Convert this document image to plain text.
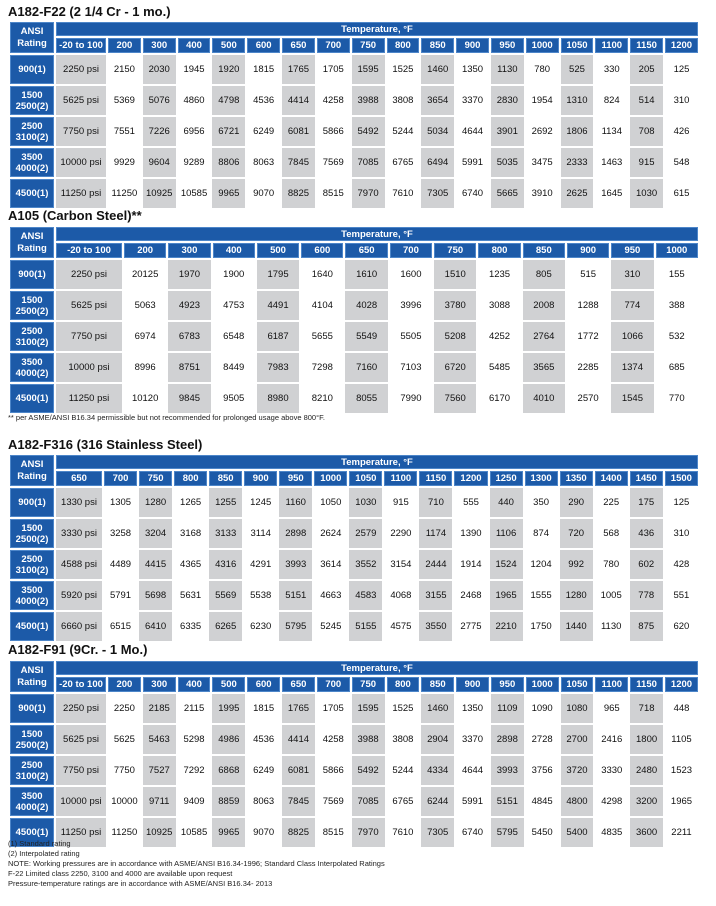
A182-F22 (2 1/4 Cr - 1 mo.)
ANSI
Rating	Temperature, °F																	
	-20 to 100	200	300	400	500	600	650	700	750	800	850	900	950	1000	1050	1100	1150	1200

900(1)	2250 psi	2150	2030	1945	1920	1815	1765	1705	1595	1525	1460	1350	1130	780	525	330	205	125

1500
2500(2)	5625 psi	5369	5076	4860	4798	4536	4414	4258	3988	3808	3654	3370	2830	1954	1310	824	514	310

2500
3100(2)	7750 psi	7551	7226	6956	6721	6249	6081	5866	5492	5244	5034	4644	3901	2692	1806	1134	708	426

3500
4000(2)	10000 psi	9929	9604	9289	8806	8063	7845	7569	7085	6765	6494	5991	5035	3475	2333	1463	915	548

4500(1)	11250 psi	11250	10925	10585	9965	9070	8825	8515	7970	7610	7305	6740	5665	3910	2625	1645	1030	615
A105 (Carbon Steel)**
ANSI
Rating	Temperature, °F													
	-20 to 100	200	300	400	500	600	650	700	750	800	850	900	950	1000

900(1)	2250 psi	20125	1970	1900	1795	1640	1610	1600	1510	1235	805	515	310	155

1500
2500(2)	5625 psi	5063	4923	4753	4491	4104	4028	3996	3780	3088	2008	1288	774	388

2500
3100(2)	7750 psi	6974	6783	6548	6187	5655	5549	5505	5208	4252	2764	1772	1066	532

3500
4000(2)	10000 psi	8996	8751	8449	7983	7298	7160	7103	6720	5485	3565	2285	1374	685

4500(1)	11250 psi	10120	9845	9505	8980	8210	8055	7990	7560	6170	4010	2570	1545	770
** per ASME/ANSI B16.34 permissible but not recommended for prolonged usage above 800°F.
A182-F316 (316 Stainless Steel)
ANSI
Rating	Temperature, °F																	
	650	700	750	800	850	900	950	1000	1050	1100	1150	1200	1250	1300	1350	1400	1450	1500

900(1)	1330 psi	1305	1280	1265	1255	1245	1160	1050	1030	915	710	555	440	350	290	225	175	125

1500
2500(2)	3330 psi	3258	3204	3168	3133	3114	2898	2624	2579	2290	1174	1390	1106	874	720	568	436	310

2500
3100(2)	4588 psi	4489	4415	4365	4316	4291	3993	3614	3552	3154	2444	1914	1524	1204	992	780	602	428

3500
4000(2)	5920 psi	5791	5698	5631	5569	5538	5151	4663	4583	4068	3155	2468	1965	1555	1280	1005	778	551

4500(1)	6660 psi	6515	6410	6335	6265	6230	5795	5245	5155	4575	3550	2775	2210	1750	1440	1130	875	620
A182-F91 (9Cr. - 1 Mo.)
ANSI
Rating	Temperature, °F																	
	-20 to 100	200	300	400	500	600	650	700	750	800	850	900	950	1000	1050	1100	1150	1200

900(1)	2250 psi	2250	2185	2115	1995	1815	1765	1705	1595	1525	1460	1350	1109	1090	1080	965	718	448

1500
2500(2)	5625 psi	5625	5463	5298	4986	4536	4414	4258	3988	3808	2904	3370	2898	2728	2700	2416	1800	1105

2500
3100(2)	7750 psi	7750	7527	7292	6868	6249	6081	5866	5492	5244	4334	4644	3993	3756	3720	3330	2480	1523

3500
4000(2)	10000 psi	10000	9711	9409	8859	8063	7845	7569	7085	6765	6244	5991	5151	4845	4800	4298	3200	1965

4500(1)	11250 psi	11250	10925	10585	9965	9070	8825	8515	7970	7610	7305	6740	5795	5450	5400	4835	3600	2211
(1) Standard rating
(2) Interpolated rating
NOTE: Working pressures are in accordance with ASME/ANSI B16.34-1996; Standard Class Interpolated Ratings
F-22 Limited class 2250, 3100 and 4000 are available upon request
Pressure-temperature ratings are in accordance with ASME/ANSI B16.34- 2013
